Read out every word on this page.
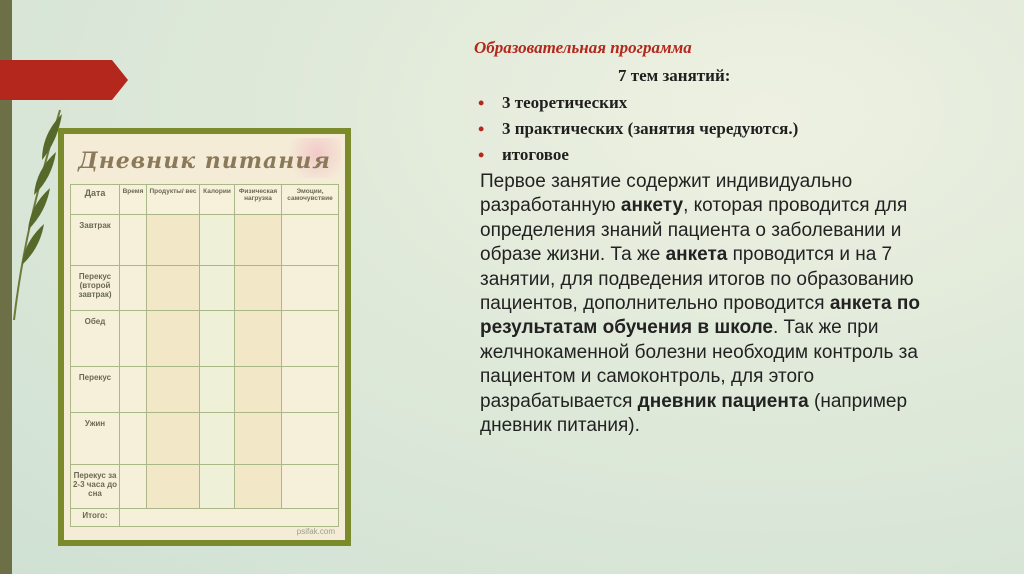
Дневник питания
Дата	Время	Продукты/ вес	Калории	Физическая нагрузка	Эмоции, самочувствие
Завтрак					
Перекус (второй завтрак)					
Обед					
Перекус					
Ужин					
Перекус за 2-3 часа до сна					
Итого:					
psifak.com
Образовательная программа
7 тем занятий:
• 3 теоретических
• 3 практических (занятия чередуются.)
• итоговое
Первое занятие содержит индивидуально разработанную анкету, которая проводится для определения знаний пациента о заболевании и образе жизни. Та же анкета проводится и на 7 занятии, для подведения итогов по образованию пациентов, дополнительно проводится анкета по результатам обучения в школе. Так же при желчнокаменной болезни необходим контроль за пациентом и самоконтроль, для этого разрабатывается дневник пациента (например дневник питания).
